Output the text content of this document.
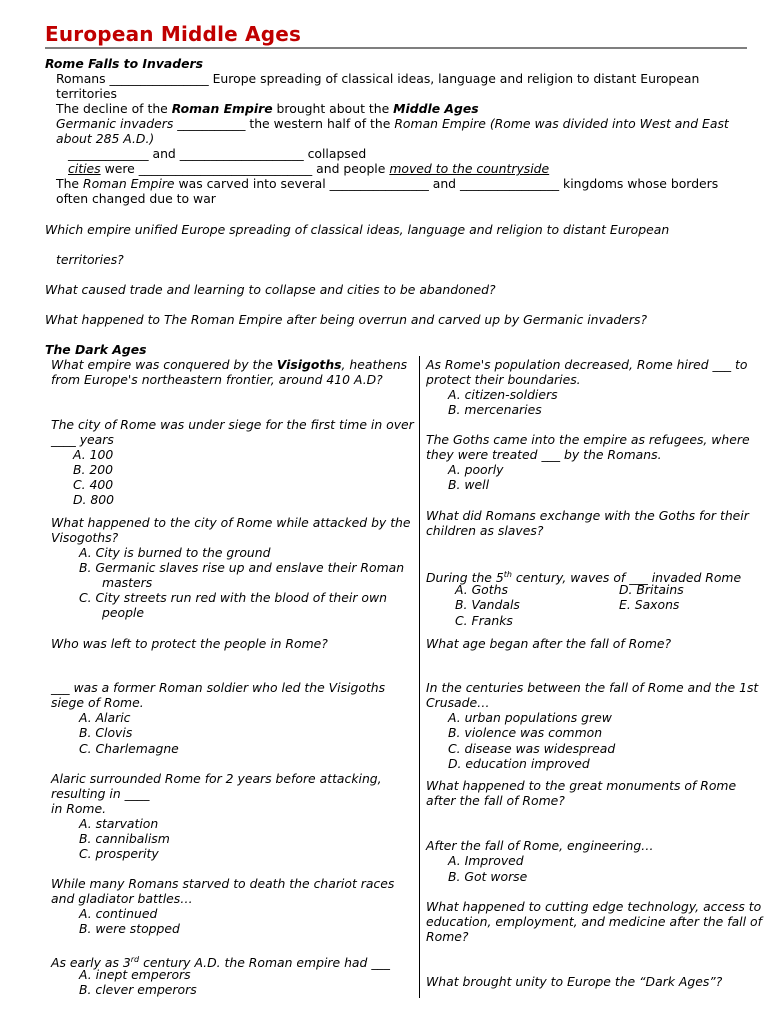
European Middle Ages
Rome Falls to Invaders
Romans ________________ Europe spreading of classical ideas, language and religion to distant European
territories
The decline of the Roman Empire brought about the Middle Ages
Germanic invaders ___________ the western half of the Roman Empire (Rome was divided into West and East
about 285 A.D.)
_____________ and ____________________ collapsed
cities were ____________________________ and people moved to the countryside
The Roman Empire was carved into several ________________ and ________________ kingdoms whose borders
often changed due to war
Which empire unified Europe spreading of classical ideas, language and religion to distant European
territories?
What caused trade and learning to collapse and cities to be abandoned?
What happened to The Roman Empire after being overrun and carved up by Germanic invaders?
The Dark Ages
What empire was conquered by the Visigoths, heathens
from Europe's northeastern frontier, around 410 A.D?
The city of Rome was under siege for the first time in over
____ years
A. 100
B. 200
C. 400
D. 800
What happened to the city of Rome while attacked by the
Visogoths?
A. City is burned to the ground
B. Germanic slaves rise up and enslave their Roman
masters
C. City streets run red with the blood of their own
people
Who was left to protect the people in Rome?
___ was a former Roman soldier who led the Visigoths
siege of Rome.
A. Alaric
B. Clovis
C. Charlemagne
Alaric surrounded Rome for 2 years before attacking,
resulting in ____
in Rome.
A. starvation
B. cannibalism
C. prosperity
While many Romans starved to death the chariot races
and gladiator battles…
A. continued
B. were stopped
As early as 3rd century A.D. the Roman empire had ___
A. inept emperors
B. clever emperors
As Rome's population decreased, Rome hired ___ to
protect their boundaries.
A. citizen-soldiers
B. mercenaries
The Goths came into the empire as refugees, where
they were treated ___ by the Romans.
A. poorly
B. well
What did Romans exchange with the Goths for their
children as slaves?
During the 5th century, waves of ___ invaded Rome
A. Goths
B. Vandals
C. Franks
D. Britains
E. Saxons
What age began after the fall of Rome?
In the centuries between the fall of Rome and the 1st
Crusade…
A. urban populations grew
B. violence was common
C. disease was widespread
D. education improved
What happened to the great monuments of Rome
after the fall of Rome?
After the fall of Rome, engineering…
A. Improved
B. Got worse
What happened to cutting edge technology, access to
education, employment, and medicine after the fall of
Rome?
What brought unity to Europe the “Dark Ages”?
